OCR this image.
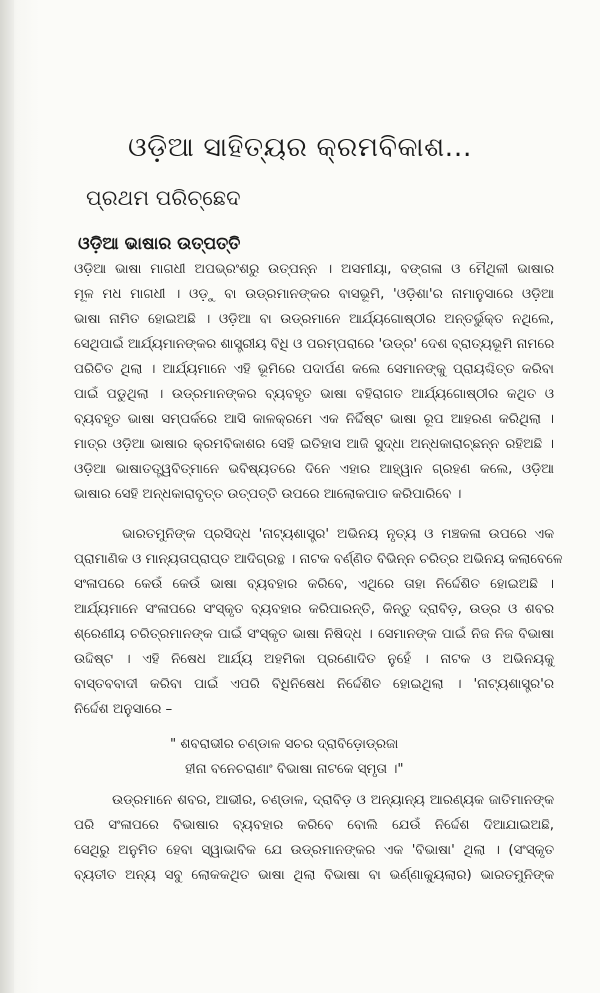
ଓଡ଼ିଆ ସାହିତ୍ୟର କ୍ରମବିକାଶ...
ପ୍ରଥମ ପରିଚ୍ଛେଦ
ଓଡ଼ିଆ ଭାଷାର ଉତ୍ପତ୍ତି
ଓଡ଼ିଆ ଭାଷା ମାଗଧୀ ଅପଭ୍ରଂଶରୁ ଉତ୍ପନ୍ନ । ଅସମୀୟା, ବଙ୍ଗଳା ଓ ମୈଥିଳୀ ଭାଷାର
ମୂଳ ମଧ ମାଗଧୀ । ଓଡ଼ୁ ବା ଉଡ୍ରମାନଙ୍କର ବାସଭୂମି, 'ଓଡ଼ିଶା'ର ନାମାନୁସାରେ ଓଡ଼ିଆ
ଭାଷା ନାମିତ ହୋଇଅଛି । ଓଡ଼ିଆ ବା ଉଡ୍ରମାନେ ଆର୍ଯ୍ୟଗୋଷ୍ଠୀର ଅନ୍ତର୍ଭୁକ୍ତ ନଥିଲେ,
ସେଥିପାଇଁ ଆର୍ଯ୍ୟମାନଙ୍କର ଶାସ୍ତ୍ରୀୟ ବିଧି ଓ ପରମ୍ପରାରେ 'ଉଡ୍ର' ଦେଶ ବ୍ରାତ୍ୟଭୂମି ନାମରେ
ପରିଚିତ ଥିଲା । ଆର୍ଯ୍ୟମାନେ ଏହି ଭୂମିରେ ପଦାର୍ପଣ କଲେ ସେମାନଙ୍କୁ ପ୍ରାୟଶ୍ଚିତ୍ତ କରିବା
ପାଇଁ ପଡୁଥିଲା । ଉଡ୍ରମାନଙ୍କର ବ୍ୟବହୃତ ଭାଷା ବହିରାଗତ ଆର୍ଯ୍ୟଗୋଷ୍ଠୀର କଥିତ ଓ
ବ୍ୟବହୃତ ଭାଷା ସମ୍ପର୍କରେ ଆସି କାଳକ୍ରମେ ଏକ ନିର୍ଦ୍ଦିଷ୍ଟ ଭାଷା ରୂପ ଆହରଣ କରିଥିଲା ।
ମାତ୍ର ଓଡ଼ିଆ ଭାଷାର କ୍ରମବିକାଶର ସେହି ଇତିହାସ ଆଜି ସୁଦ୍ଧା ଅନ୍ଧକାରାଚ୍ଛନ୍ନ ରହିଅଛି ।
ଓଡ଼ିଆ ଭାଷାତତ୍ତ୍ୱବିତ୍‌ମାନେ ଭବିଷ୍ୟତରେ ଦିନେ ଏହାର ଆହ୍ୱାନ ଗ୍ରହଣ କଲେ, ଓଡ଼ିଆ
ଭାଷାର ସେହି ଅନ୍ଧକାରାବୃତ୍ତ ଉତ୍ପତ୍ତି ଉପରେ ଆଲୋକପାତ କରିପାରିବେ ।
ଭାରତମୁନିଙ୍କ ପ୍ରସିଦ୍ଧ 'ନାଟ୍ୟଶାସ୍ତ୍ର' ଅଭିନୟ ନୃତ୍ୟ ଓ ମଞ୍ଚକଳା ଉପରେ ଏକ
ପ୍ରାମାଣିକ ଓ ମାନ୍ୟତାପ୍ରାପ୍ତ ଆଦିଗ୍ରନ୍ଥ । ନାଟକ ବର୍ଣ୍ଣିତ ବିଭିନ୍ନ ଚରିତ୍ର ଅଭିନୟ କଲାବେଳେ
ସଂଳାପରେ କେଉଁ କେଉଁ ଭାଷା ବ୍ୟବହାର କରିବେ, ଏଥିରେ ତାହା ନିର୍ଦ୍ଦେଶିତ ହୋଇଅଛି ।
ଆର୍ଯ୍ୟମାନେ ସଂଳାପରେ ସଂସ୍କୃତ ବ୍ୟବହାର କରିପାରନ୍ତି, କିନ୍ତୁ ଦ୍ରାବିଡ଼, ଉଡ୍ର ଓ ଶବର
ଶ୍ରେଣୀୟ ଚରିତ୍ରମାନଙ୍କ ପାଇଁ ସଂସ୍କୃତ ଭାଷା ନିଷିଦ୍ଧ । ସେମାନଙ୍କ ପାଇଁ ନିଜ ନିଜ ବିଭାଷା
ଉଦ୍ଦିଷ୍ଟ । ଏହି ନିଷେଧ ଆର୍ଯ୍ୟ ଅହମିକା ପ୍ରଣୋଦିତ ନୁହେଁ । ନାଟକ ଓ ଅଭିନୟକୁ
ବାସ୍ତବବାଦୀ କରିବା ପାଇଁ ଏପରି ବିଧିନିଷେଧ ନିର୍ଦ୍ଦେଶିତ ହୋଇଥିଲା । 'ନାଟ୍ୟଶାସ୍ତ୍ର'ର
ନିର୍ଦ୍ଦେଶ ଅନୁସାରେ –
" ଶବରାଭୀର ଚଣ୍ଡାଳ ସଚର ଦ୍ରାବିଡ଼ୋଡ୍ରଜା
ହୀନା ବନେଚରାଣାଂ ବିଭାଷା ନାଟକେ ସ୍ମୃତା ।"
ଉଡ୍ରମାନେ ଶବର, ଆଭୀର, ଚଣ୍ଡାଳ, ଦ୍ରାବିଡ଼ ଓ ଅନ୍ୟାନ୍ୟ ଆରଣ୍ୟକ ଜାତିମାନଙ୍କ
ପରି ସଂଳାପରେ ବିଭାଷାର ବ୍ୟବହାର କରିବେ ବୋଲି ଯେଉଁ ନିର୍ଦ୍ଦେଶ ଦିଆଯାଇଅଛି,
ସେଥିରୁ ଅନୁମିତ ହେବା ସ୍ୱାଭାବିକ ଯେ ଉଡ୍ରମାନଙ୍କର ଏକ 'ବିଭାଷା' ଥିଲା । (ସଂସ୍କୃତ
ବ୍ୟତୀତ ଅନ୍ୟ ସବୁ ଲୋକକଥିତ ଭାଷା ଥିଲା ବିଭାଷା ବା ଭର୍ଣ୍ଣାକ୍ୟୁଲାର) ଭାରତମୁନିଙ୍କ
